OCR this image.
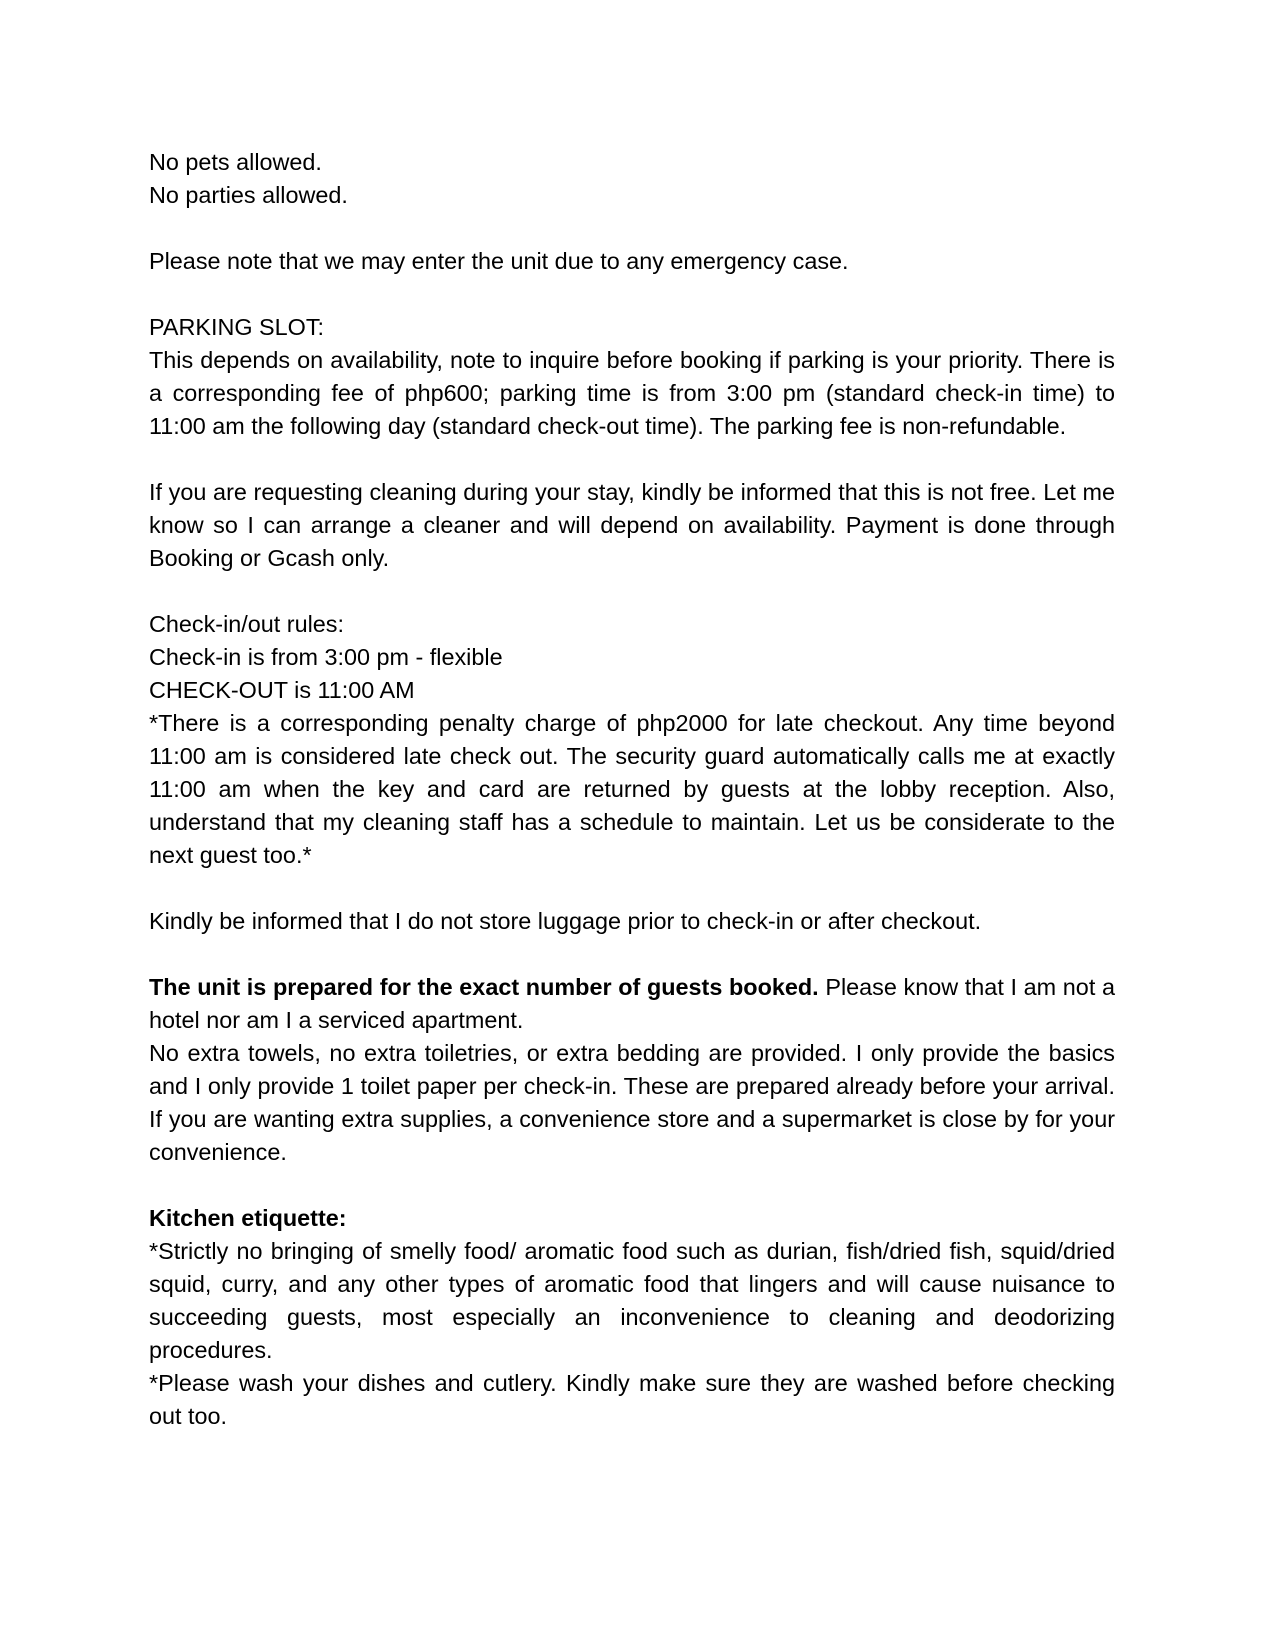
No pets allowed.
No parties allowed.
Please note that we may enter the unit due to any emergency case.
PARKING SLOT:

This depends on availability, note to inquire before booking if parking is your priority. There is a corresponding fee of php600; parking time is from 3:00 pm (standard check-in time) to 11:00 am the following day (standard check-out time). The parking fee is non-refundable.

If you are requesting cleaning during your stay, kindly be informed that this is not free. Let me know so I can arrange a cleaner and will depend on availability. Payment is done through Booking or Gcash only.

Check-in/out rules:
Check-in is from 3:00 pm - flexible
CHECK-OUT is 11:00 AM

*There is a corresponding penalty charge of php2000 for late checkout. Any time beyond 11:00 am is considered late check out. The security guard automatically calls me at exactly 11:00 am when the key and card are returned by guests at the lobby reception. Also, understand that my cleaning staff has a schedule to maintain. Let us be considerate to the next guest too.*

Kindly be informed that I do not store luggage prior to check-in or after checkout.

The unit is prepared for the exact number of guests booked. Please know that I am not a hotel nor am I a serviced apartment.

No extra towels, no extra toiletries, or extra bedding are provided. I only provide the basics and I only provide 1 toilet paper per check-in. These are prepared already before your arrival. If you are wanting extra supplies, a convenience store and a supermarket is close by for your convenience.

Kitchen etiquette:

*Strictly no bringing of smelly food/ aromatic food such as durian, fish/dried fish, squid/dried squid, curry, and any other types of aromatic food that lingers and will cause nuisance to succeeding guests, most especially an inconvenience to cleaning and deodorizing procedures.

*Please wash your dishes and cutlery. Kindly make sure they are washed before checking out too.
